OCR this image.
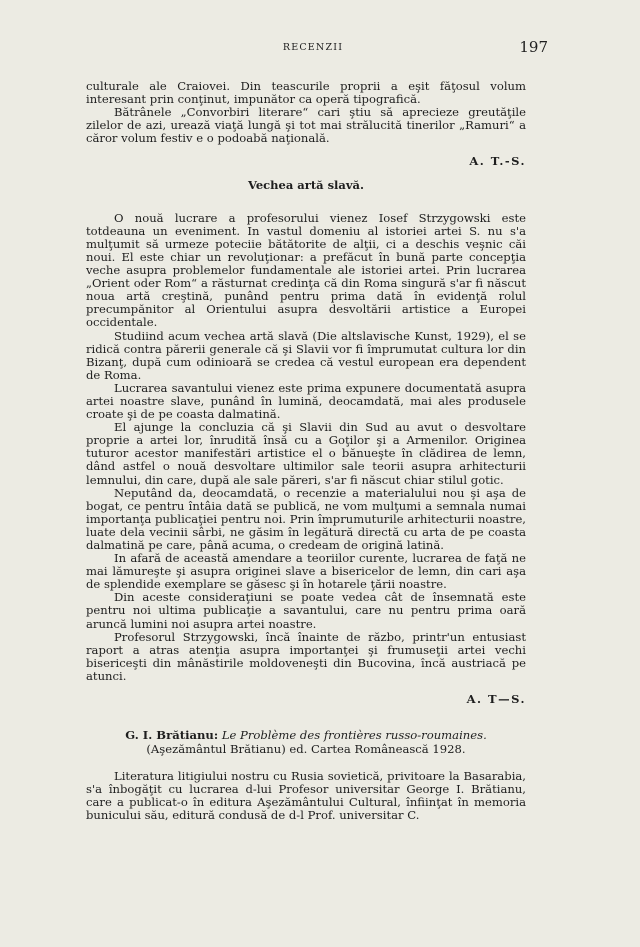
RECENZII	197

culturale ale Craiovei. Din teascurile proprii a eşit făţosul volum interesant prin conţinut, impunător ca operă tipografică.

Bătrânele „Convorbiri literare“ cari ştiu să aprecieze greutăţile zilelor de azi, urează viaţă lungă şi tot mai strălucită tinerilor „Ramuri“ a căror volum festiv e o podoabă naţională.

A. T.-S.
Vechea artă slavă.

O nouă lucrare a profesorului vienez Iosef Strzygowski este totdeauna un eveniment. In vastul domeniu al istoriei artei S. nu s'a mulţumit să urmeze poteciie bătătorite de alţii, ci a deschis veşnic căi noui. El este chiar un revoluţionar: a prefăcut în bună parte concepţia veche asupra problemelor fundamentale ale istoriei artei. Prin lucrarea „Orient oder Rom“ a răsturnat credinţa că din Roma singură s'ar fi născut noua artă creştină, punând pentru prima dată în evidenţă rolul precumpănitor al Orientului asupra desvoltării artistice a Europei occidentale.

Studiind acum vechea artă slavă (Die altslavische Kunst, 1929), el se ridică contra părerii generale că şi Slavii vor fi împrumutat cultura lor din Bizanţ, după cum odinioară se credea că vestul european era dependent de Roma.

Lucrarea savantului vienez este prima expunere documentată asupra artei noastre slave, punând în lumină, deocamdată, mai ales produsele croate şi de pe coasta dalmatină.

El ajunge la concluzia că şi Slavii din Sud au avut o desvoltare proprie a artei lor, înrudită însă cu a Goţilor şi a Armenilor. Originea tuturor acestor manifestări artistice el o bănueşte în clădirea de lemn, dând astfel o nouă desvoltare ultimilor sale teorii asupra arhitecturii lemnului, din care, după ale sale păreri, s'ar fi născut chiar stilul gotic.

Neputând da, deocamdată, o recenzie a materialului nou şi aşa de bogat, ce pentru întâia dată se publică, ne vom mulţumi a semnala numai importanţa publicaţiei pentru noi. Prin împrumuturile arhitecturii noastre, luate dela vecinii sârbi, ne găsim în legătură directă cu arta de pe coasta dalmatină pe care, până acuma, o credeam de origină latină.

In afară de această amendare a teoriilor curente, lucrarea de faţă ne mai lămureşte şi asupra originei slave a bisericelor de lemn, din cari aşa de splendide exemplare se găsesc şi în hotarele ţării noastre.

Din aceste consideraţiuni se poate vedea cât de însemnată este pentru noi ultima publicaţie a savantului, care nu pentru prima oară aruncă lumini noi asupra artei noastre.

Profesorul Strzygowski, încă înainte de războ, printr'un entusiast raport a atras atenţia asupra importanţei şi frumuseţii artei vechi bisericeşti din mânăstirile moldoveneşti din Bucovina, încă austriacă pe atunci.

A. T—S.
G. I. Brătianu: Le Problème des frontières russo-roumaines.
(Aşezământul Brătianu) ed. Cartea Românească 1928.

Literatura litigiului nostru cu Rusia sovietică, privitoare la Basarabia, s'a înbogăţit cu lucrarea d-lui Profesor universitar George I. Brătianu, care a publicat-o în editura Aşezământului Cultural, înfiinţat în memoria bunicului său, editură condusă de d-l Prof. universitar C.
